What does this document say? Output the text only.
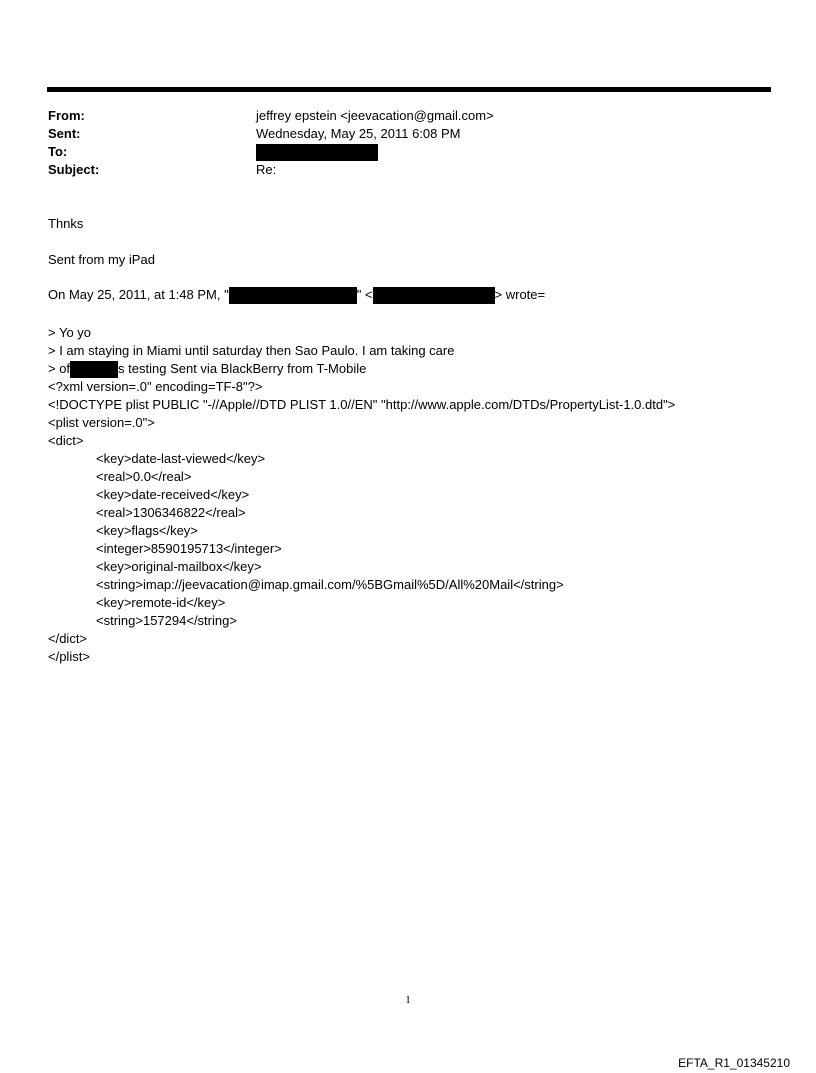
From:	jeffrey epstein <jeevacation@gmail.com>
Sent:	Wednesday, May 25, 2011 6:08 PM
To:
Subject:	Re:
Thnks
Sent from my iPad
On May 25, 2011, at 1:48 PM, "	" <	> wrote=
> Yo yo
> I am staying in Miami until saturday then Sao Paulo. I am taking care
> of	s testing Sent via BlackBerry from T-Mobile
<?xml version=.0" encoding=TF-8"?>
<!DOCTYPE plist PUBLIC "-//Apple//DTD PLIST 1.0//EN" "http://www.apple.com/DTDs/PropertyList-1.0.dtd">
<plist version=.0">
<dict>
<key>date-last-viewed</key>
<real>0.0</real>
<key>date-received</key>
<real>1306346822</real>
<key>flags</key>
<integer>8590195713</integer>
<key>original-mailbox</key>
<string>imap://jeevacation@imap.gmail.com/%5BGmail%5D/All%20Mail</string>
<key>remote-id</key>
<string>157294</string>
</dict>
</plist>
1
EFTA_R1_01345210
